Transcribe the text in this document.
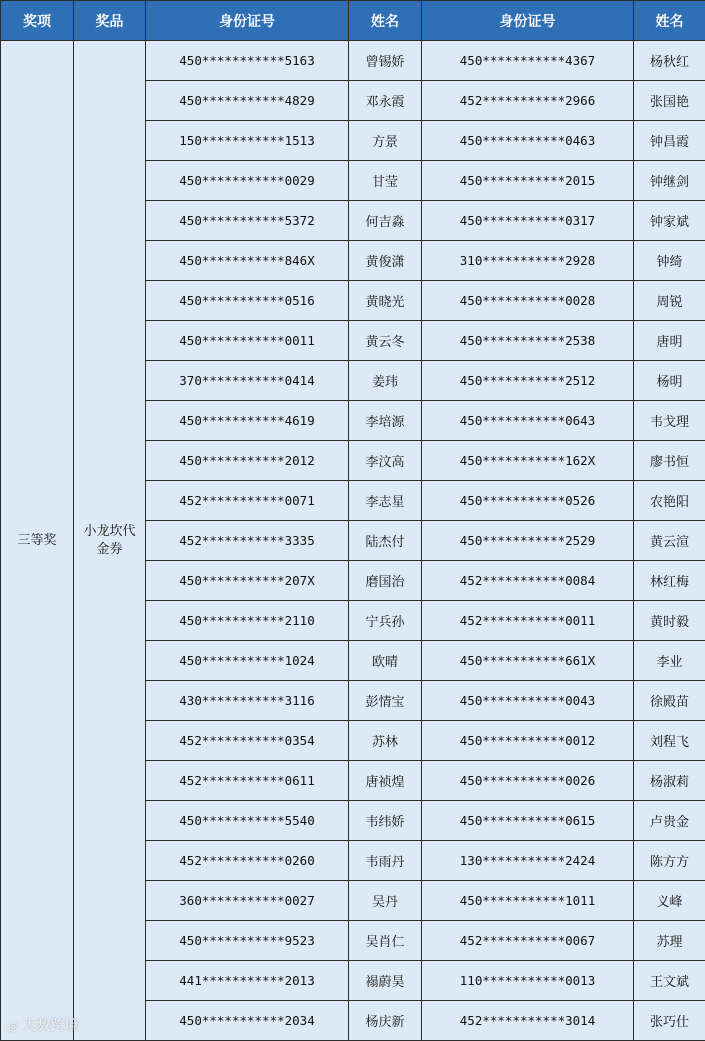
奖项	奖品	身份证号	姓名	身份证号	姓名
三等奖	小龙坎代金券	450***********5163	曾锡娇	450***********4367	杨秋红
		450***********4829	邓永霞	452***********2966	张国艳
		150***********1513	方景	450***********0463	钟昌霞
		450***********0029	甘莹	450***********2015	钟继剑
		450***********5372	何吉淼	450***********0317	钟家斌
		450***********846X	黄俊潇	310***********2928	钟绮
		450***********0516	黄晓光	450***********0028	周锐
		450***********0011	黄云冬	450***********2538	唐明
		370***********0414	姜玮	450***********2512	杨明
		450***********4619	李培源	450***********0643	韦戈理
		450***********2012	李汶高	450***********162X	廖书恒
		452***********0071	李志星	450***********0526	农艳阳
		452***********3335	陆杰付	450***********2529	黄云渲
		450***********207X	磨国治	452***********0084	林红梅
		450***********2110	宁兵孙	452***********0011	黄时毅
		450***********1024	欧晴	450***********661X	李业
		430***********3116	彭情宝	450***********0043	徐殿苗
		452***********0354	苏林	450***********0012	刘程飞
		452***********0611	唐祯煌	450***********0026	杨淑莉
		450***********5540	韦纬娇	450***********0615	卢贵金
		452***********0260	韦雨丹	130***********2424	陈方方
		360***********0027	吴丹	450***********1011	义峰
		450***********9523	吴肖仁	452***********0067	苏理
		441***********2013	褟蔚昊	110***********0013	王文斌
		450***********2034	杨庆新	452***********3014	张巧仕
◎ 大数跨境
